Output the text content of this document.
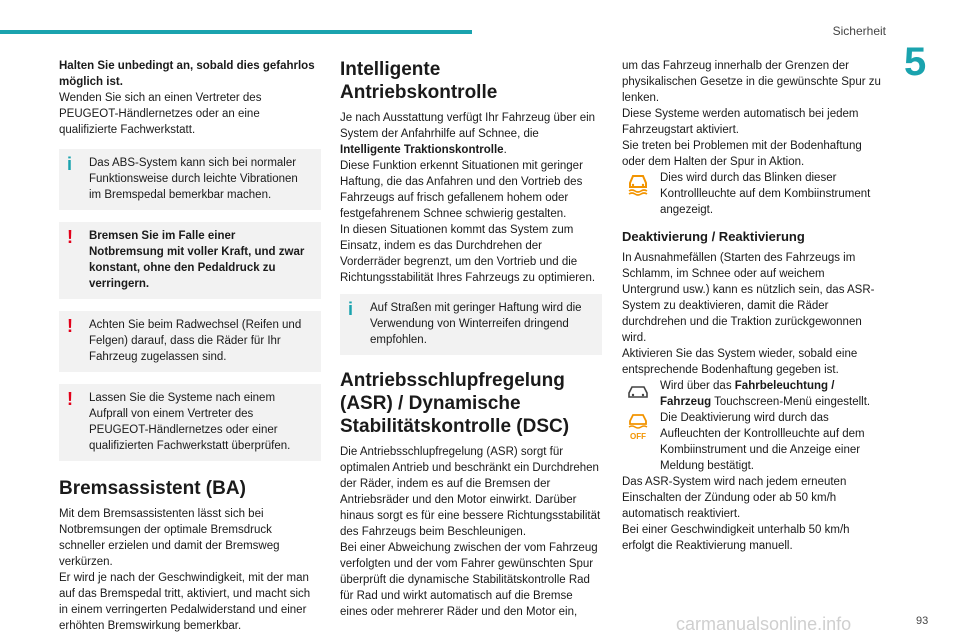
Sicherheit
5

Halten Sie unbedingt an, sobald dies gefahrlos möglich ist.

Wenden Sie sich an einen Vertreter des PEUGEOT-Händlernetzes oder an eine qualifizierte Fachwerkstatt.

i	Das ABS-System kann sich bei normaler Funktionsweise durch leichte Vibrationen im Bremspedal bemerkbar machen.
!	Bremsen Sie im Falle einer Notbremsung mit voller Kraft, und zwar konstant, ohne den Pedaldruck zu verringern.
!	Achten Sie beim Radwechsel (Reifen und Felgen) darauf, dass die Räder für Ihr Fahrzeug zugelassen sind.
!	Lassen Sie die Systeme nach einem Aufprall von einem Vertreter des PEUGEOT-Händlernetzes oder einer qualifizierten Fachwerkstatt überprüfen.
Bremsassistent (BA)

Mit dem Bremsassistenten lässt sich bei Notbremsungen der optimale Bremsdruck schneller erzielen und damit der Bremsweg verkürzen.

Er wird je nach der Geschwindigkeit, mit der man auf das Bremspedal tritt, aktiviert, und macht sich in einem verringerten Pedalwiderstand und einer erhöhten Bremswirkung bemerkbar.

Intelligente Antriebskontrolle

Je nach Ausstattung verfügt Ihr Fahrzeug über ein System der Anfahrhilfe auf Schnee, die Intelligente Traktionskontrolle.

Diese Funktion erkennt Situationen mit geringer Haftung, die das Anfahren und den Vortrieb des Fahrzeugs auf frisch gefallenem hohem oder festgefahrenem Schnee schwierig gestalten.

In diesen Situationen kommt das System zum Einsatz, indem es das Durchdrehen der Vorderräder begrenzt, um den Vortrieb und die Richtungsstabilität Ihres Fahrzeugs zu optimieren.

i	Auf Straßen mit geringer Haftung wird die Verwendung von Winterreifen dringend empfohlen.
Antriebsschlupfregelung (ASR) / Dynamische Stabilitätskontrolle (DSC)

Die Antriebsschlupfregelung (ASR) sorgt für optimalen Antrieb und beschränkt ein Durchdrehen der Räder, indem es auf die Bremsen der Antriebsräder und den Motor einwirkt. Darüber hinaus sorgt es für eine bessere Richtungsstabilität des Fahrzeugs beim Beschleunigen.

Bei einer Abweichung zwischen der vom Fahrzeug verfolgten und der vom Fahrer gewünschten Spur überprüft die dynamische Stabilitätskontrolle Rad für Rad und wirkt automatisch auf die Bremse eines oder mehrerer Räder und den Motor ein,

um das Fahrzeug innerhalb der Grenzen der physikalischen Gesetze in die gewünschte Spur zu lenken.

Diese Systeme werden automatisch bei jedem Fahrzeugstart aktiviert.

Sie treten bei Problemen mit der Bodenhaftung oder dem Halten der Spur in Aktion.

Dies wird durch das Blinken dieser Kontrollleuchte auf dem Kombiinstrument angezeigt.
Deaktivierung / Reaktivierung

In Ausnahmefällen (Starten des Fahrzeugs im Schlamm, im Schnee oder auf weichem Untergrund usw.) kann es nützlich sein, das ASR-System zu deaktivieren, damit die Räder durchdrehen und die Traktion zurückgewonnen wird.

Aktivieren Sie das System wieder, sobald eine entsprechende Bodenhaftung gegeben ist.

Wird über das Fahrbeleuchtung / Fahrzeug Touchscreen-Menü eingestellt.
OFF
Die Deaktivierung wird durch das Aufleuchten der Kontrollleuchte auf dem Kombiinstrument und die Anzeige einer Meldung bestätigt.

Das ASR-System wird nach jedem erneuten Einschalten der Zündung oder ab 50 km/h automatisch reaktiviert.

Bei einer Geschwindigkeit unterhalb 50 km/h erfolgt die Reaktivierung manuell.

carmanualsonline.info	93
